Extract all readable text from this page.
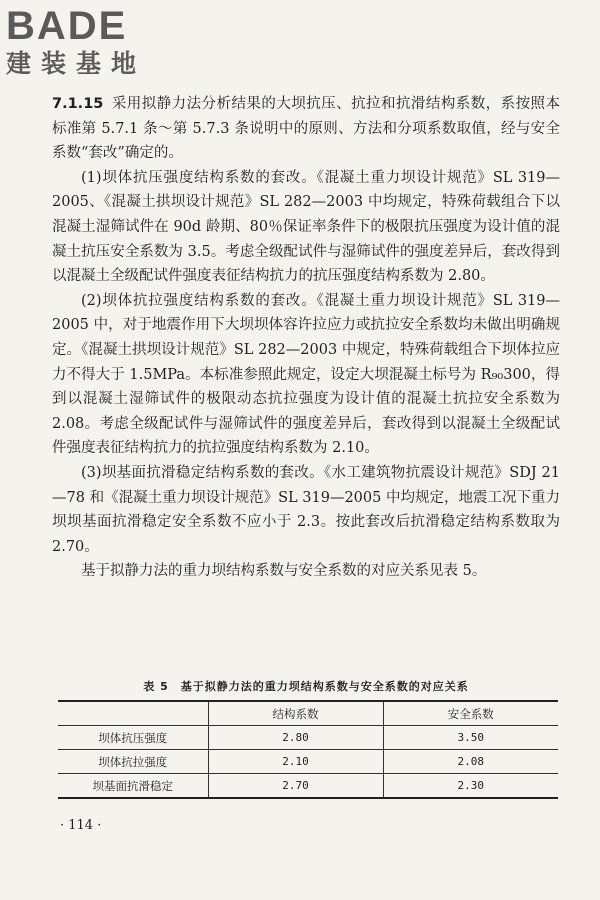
BADE
建装基地

7.1.15 采用拟静力法分析结果的大坝抗压、抗拉和抗滑结构系数，系按照本标准第 5.7.1 条～第 5.7.3 条说明中的原则、方法和分项系数取值，经与安全系数“套改”确定的。

(1)坝体抗压强度结构系数的套改。《混凝土重力坝设计规范》SL 319—2005、《混凝土拱坝设计规范》SL 282—2003 中均规定，特殊荷载组合下以混凝土湿筛试件在 90d 龄期、80％保证率条件下的极限抗压强度为设计值的混凝土抗压安全系数为 3.5。考虑全级配试件与湿筛试件的强度差异后，套改得到以混凝土全级配试件强度表征结构抗力的抗压强度结构系数为 2.80。

(2)坝体抗拉强度结构系数的套改。《混凝土重力坝设计规范》SL 319—2005 中，对于地震作用下大坝坝体容许拉应力或抗拉安全系数均未做出明确规定。《混凝土拱坝设计规范》SL 282—2003 中规定，特殊荷载组合下坝体拉应力不得大于 1.5MPa。本标准参照此规定，设定大坝混凝土标号为 R₉₀300，得到以混凝土湿筛试件的极限动态抗拉强度为设计值的混凝土抗拉安全系数为 2.08。考虑全级配试件与湿筛试件的强度差异后，套改得到以混凝土全级配试件强度表征结构抗力的抗拉强度结构系数为 2.10。

(3)坝基面抗滑稳定结构系数的套改。《水工建筑物抗震设计规范》SDJ 21—78 和《混凝土重力坝设计规范》SL 319—2005 中均规定，地震工况下重力坝坝基面抗滑稳定安全系数不应小于 2.3。按此套改后抗滑稳定结构系数取为 2.70。

基于拟静力法的重力坝结构系数与安全系数的对应关系见表 5。

表 5　基于拟静力法的重力坝结构系数与安全系数的对应关系
	结构系数	安全系数
坝体抗压强度	2.80	3.50
坝体抗拉强度	2.10	2.08
坝基面抗滑稳定	2.70	2.30
· 114 ·
